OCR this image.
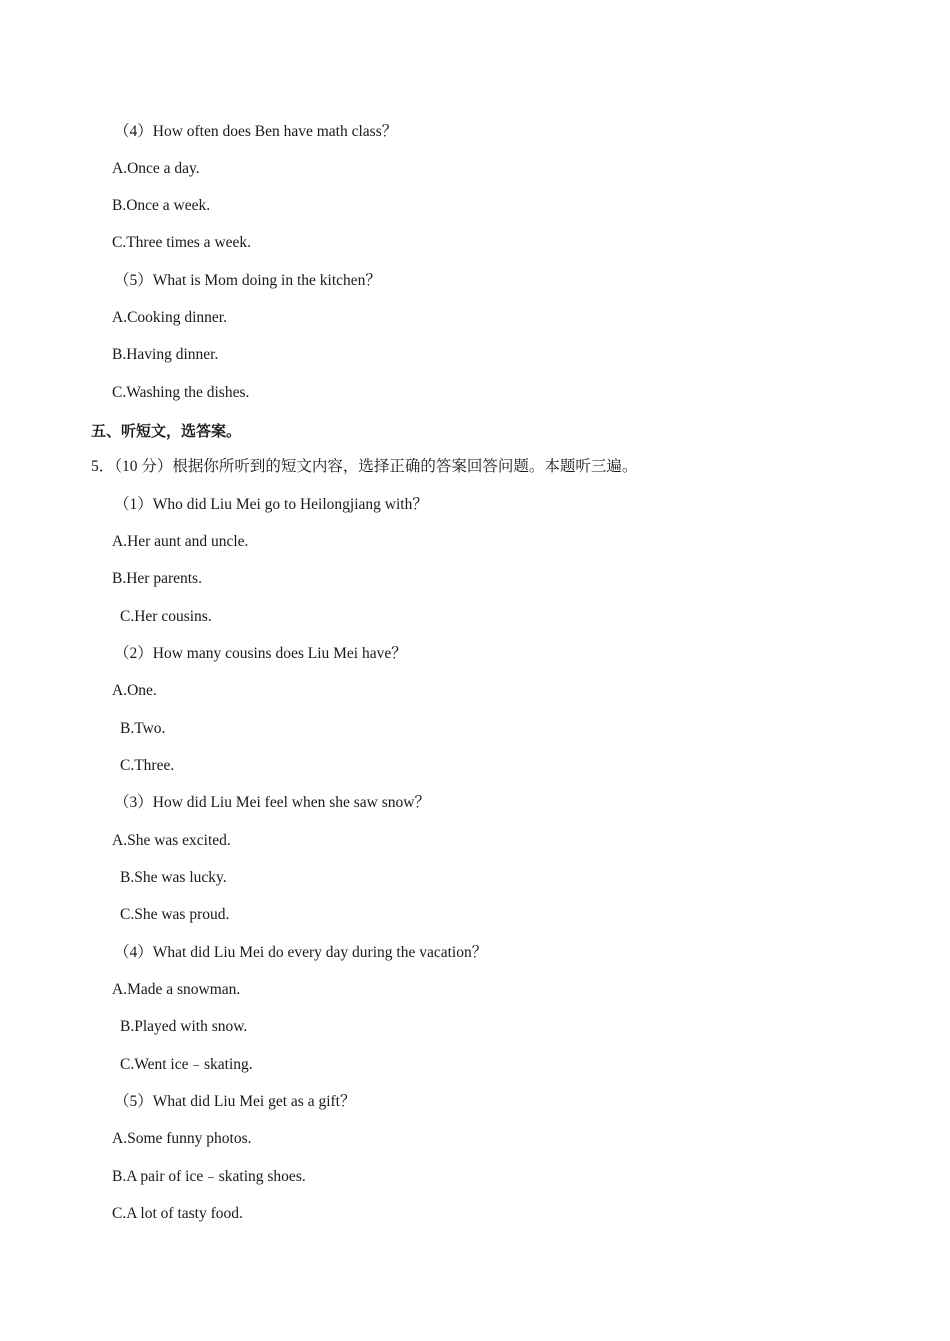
（4）How often does Ben have math class？
A.Once a day.
B.Once a week.
C.Three times a week.
（5）What is Mom doing in the kitchen？
A.Cooking dinner.
B.Having dinner.
C.Washing the dishes.
五、听短文，选答案。
5．（10 分）根据你所听到的短文内容，选择正确的答案回答问题。本题听三遍。
（1）Who did Liu Mei go to Heilongjiang with？
A.Her aunt and uncle.
B.Her parents.
C.Her cousins.
（2）How many cousins does Liu Mei have？
A.One.
B.Two.
C.Three.
（3）How did Liu Mei feel when she saw snow？
A.She was excited.
B.She was lucky.
C.She was proud.
（4）What did Liu Mei do every day during the vacation？
A.Made a snowman.
B.Played with snow.
C.Went ice﹣skating.
（5）What did Liu Mei get as a gift？
A.Some funny photos.
B.A pair of ice﹣skating shoes.
C.A lot of tasty food.
